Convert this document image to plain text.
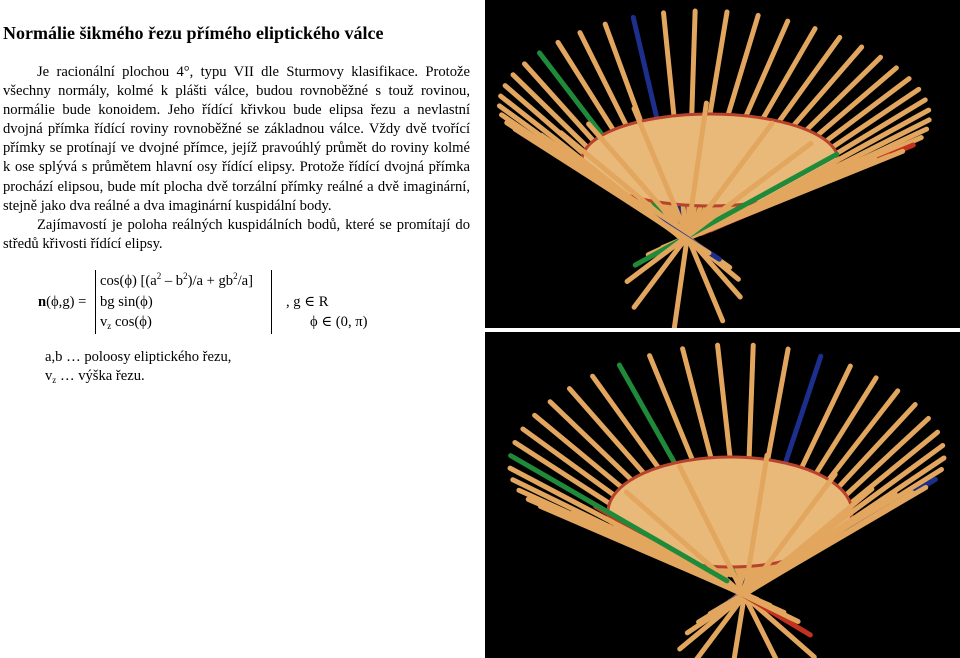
Normálie šikmého řezu přímého eliptického válce

Je racionální plochou 4°, typu VII dle Sturmovy klasifikace. Protože všechny normály, kolmé k plášti válce, budou rovnoběžné s touž rovinou, normálie bude konoidem. Jeho řídící křivkou bude elipsa řezu a nevlastní dvojná přímka řídící roviny rovnoběžné se základnou válce. Vždy dvě tvořící přímky se protínají ve dvojné přímce, jejíž pravoúhlý průmět do roviny kolmé k ose splývá s průmětem hlavní osy řídící elipsy. Protože řídící dvojná přímka prochází elipsou, bude mít plocha dvě torzální přímky reálné a dvě imaginární, stejně jako dva reálné a dva imaginární kuspidální body.

Zajímavostí je poloha reálných kuspidálních bodů, které se promítají do středů křivosti řídící elipsy.

n(ϕ,g) =
cos(ϕ) $[(a^2 - b^2)/a + gb^2/a]$
bg sin(ϕ)
$v_z$ cos(ϕ)
, g ∈ R
ϕ ∈ (0, π)
a,b … poloosy eliptického řezu,
$v_z$ … výška řezu.
